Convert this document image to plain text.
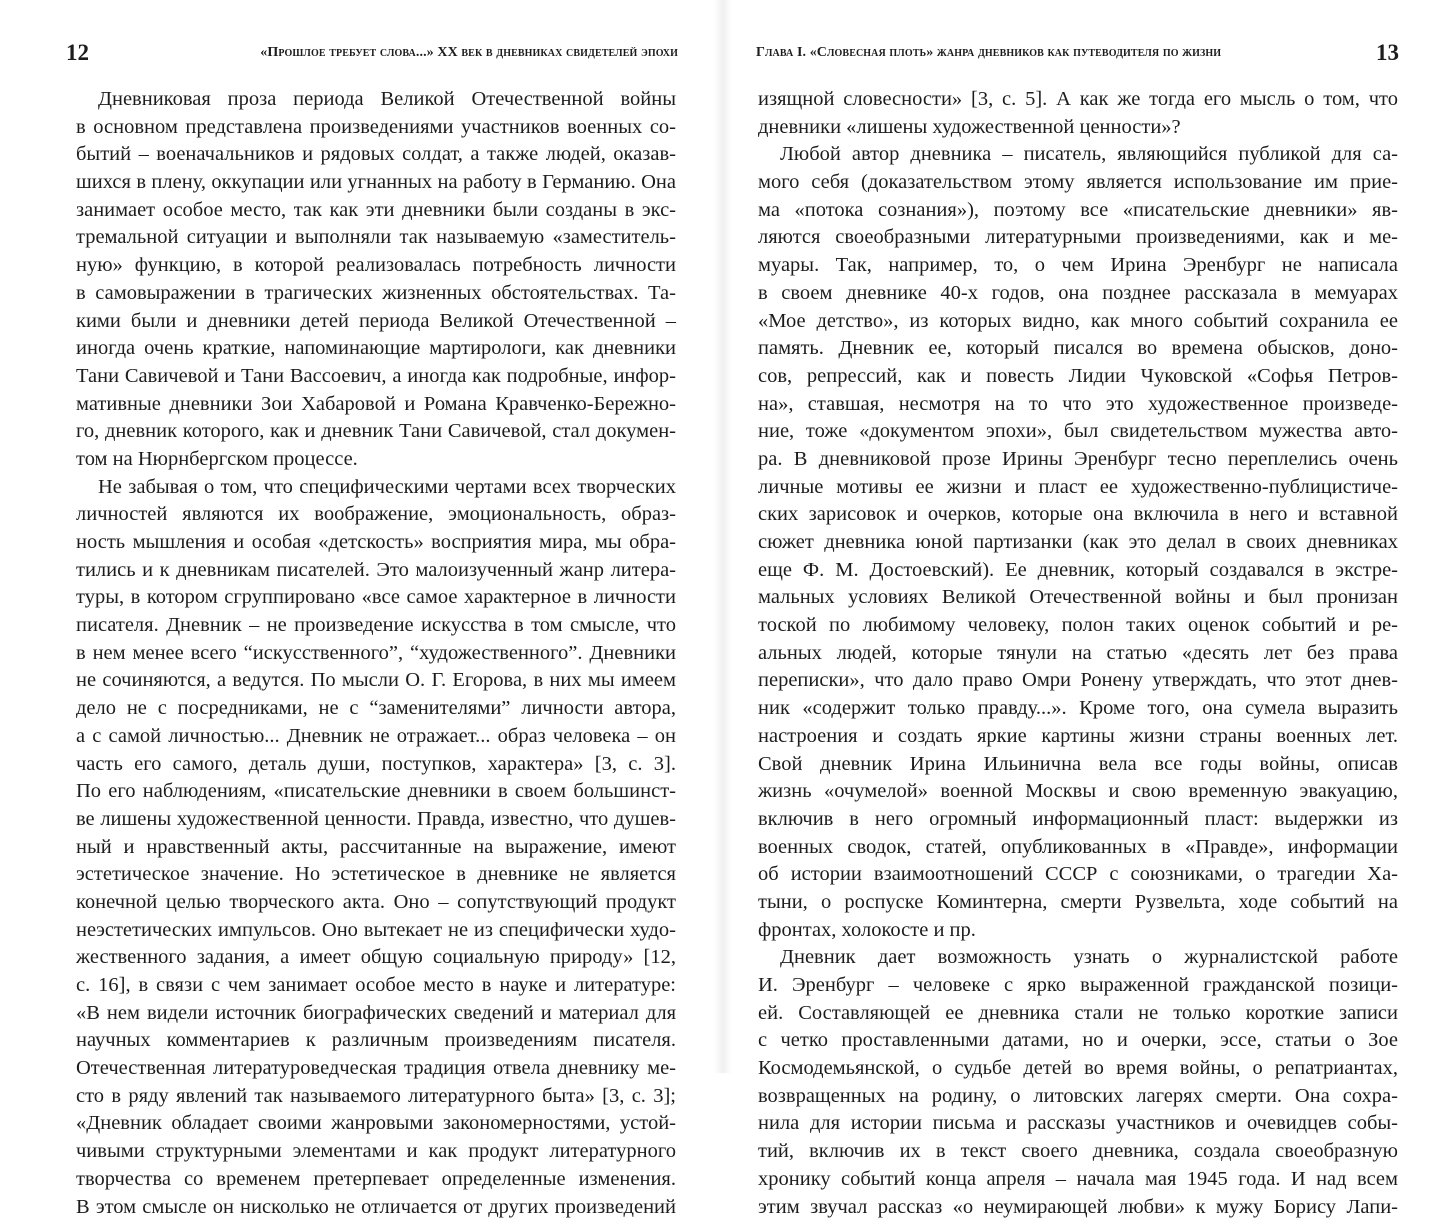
12	«Прошлое требует слова...» XX век в дневниках свидетелей эпохи
Дневниковая проза периода Великой Отечественной войны
в основном представлена произведениями участников военных со-
бытий – военачальников и рядовых солдат, а также людей, оказав-
шихся в плену, оккупации или угнанных на работу в Германию. Она
занимает особое место, так как эти дневники были созданы в экс-
тремальной ситуации и выполняли так называемую «заместитель-
ную» функцию, в которой реализовалась потребность личности
в самовыражении в трагических жизненных обстоятельствах. Та-
кими были и дневники детей периода Великой Отечественной –
иногда очень краткие, напоминающие мартирологи, как дневники
Тани Савичевой и Тани Вассоевич, а иногда как подробные, инфор-
мативные дневники Зои Хабаровой и Романа Кравченко-Бережно-
го, дневник которого, как и дневник Тани Савичевой, стал докумен-
том на Нюрнбергском процессе.
Не забывая о том, что специфическими чертами всех творческих
личностей являются их воображение, эмоциональность, образ-
ность мышления и особая «детскость» восприятия мира, мы обра-
тились и к дневникам писателей. Это малоизученный жанр литера-
туры, в котором сгруппировано «все самое характерное в личности
писателя. Дневник – не произведение искусства в том смысле, что
в нем менее всего “искусственного”, “художественного”. Дневники
не сочиняются, а ведутся. По мысли О. Г. Егорова, в них мы имеем
дело не с посредниками, не с “заменителями” личности автора,
а с самой личностью... Дневник не отражает... образ человека – он
часть его самого, деталь души, поступков, характера» [3, с. 3].
По его наблюдениям, «писательские дневники в своем большинст-
ве лишены художественной ценности. Правда, известно, что душев-
ный и нравственный акты, рассчитанные на выражение, имеют
эстетическое значение. Но эстетическое в дневнике не является
конечной целью творческого акта. Оно – сопутствующий продукт
неэстетических импульсов. Оно вытекает не из специфически худо-
жественного задания, а имеет общую социальную природу» [12,
с. 16], в связи с чем занимает особое место в науке и литературе:
«В нем видели источник биографических сведений и материал для
научных комментариев к различным произведениям писателя.
Отечественная литературоведческая традиция отвела дневнику ме-
сто в ряду явлений так называемого литературного быта» [3, с. 3];
«Дневник обладает своими жанровыми закономерностями, устой-
чивыми структурными элементами и как продукт литературного
творчества со временем претерпевает определенные изменения.
В этом смысле он нисколько не отличается от других произведений
Глава I. «Словесная плоть» жанра дневников как путеводителя по жизни	13
изящной словесности» [3, с. 5]. А как же тогда его мысль о том, что
дневники «лишены художественной ценности»?
Любой автор дневника – писатель, являющийся публикой для са-
мого себя (доказательством этому является использование им прие-
ма «потока сознания»), поэтому все «писательские дневники» яв-
ляются своеобразными литературными произведениями, как и ме-
муары. Так, например, то, о чем Ирина Эренбург не написала
в своем дневнике 40-х годов, она позднее рассказала в мемуарах
«Мое детство», из которых видно, как много событий сохранила ее
память. Дневник ее, который писался во времена обысков, доно-
сов, репрессий, как и повесть Лидии Чуковской «Софья Петров-
на», ставшая, несмотря на то что это художественное произведе-
ние, тоже «документом эпохи», был свидетельством мужества авто-
ра. В дневниковой прозе Ирины Эренбург тесно переплелись очень
личные мотивы ее жизни и пласт ее художественно-публицистиче-
ских зарисовок и очерков, которые она включила в него и вставной
сюжет дневника юной партизанки (как это делал в своих дневниках
еще Ф. М. Достоевский). Ее дневник, который создавался в экстре-
мальных условиях Великой Отечественной войны и был пронизан
тоской по любимому человеку, полон таких оценок событий и ре-
альных людей, которые тянули на статью «десять лет без права
переписки», что дало право Омри Ронену утверждать, что этот днев-
ник «содержит только правду...». Кроме того, она сумела выразить
настроения и создать яркие картины жизни страны военных лет.
Свой дневник Ирина Ильинична вела все годы войны, описав
жизнь «очумелой» военной Москвы и свою временную эвакуацию,
включив в него огромный информационный пласт: выдержки из
военных сводок, статей, опубликованных в «Правде», информации
об истории взаимоотношений СССР с союзниками, о трагедии Ха-
тыни, о роспуске Коминтерна, смерти Рузвельта, ходе событий на
фронтах, холокосте и пр.
Дневник дает возможность узнать о журналистской работе
И. Эренбург – человеке с ярко выраженной гражданской позици-
ей. Составляющей ее дневника стали не только короткие записи
с четко проставленными датами, но и очерки, эссе, статьи о Зое
Космодемьянской, о судьбе детей во время войны, о репатриантах,
возвращенных на родину, о литовских лагерях смерти. Она сохра-
нила для истории письма и рассказы участников и очевидцев собы-
тий, включив их в текст своего дневника, создала своеобразную
хронику событий конца апреля – начала мая 1945 года. И над всем
этим звучал рассказ «о неумирающей любви» к мужу Борису Лапи-
